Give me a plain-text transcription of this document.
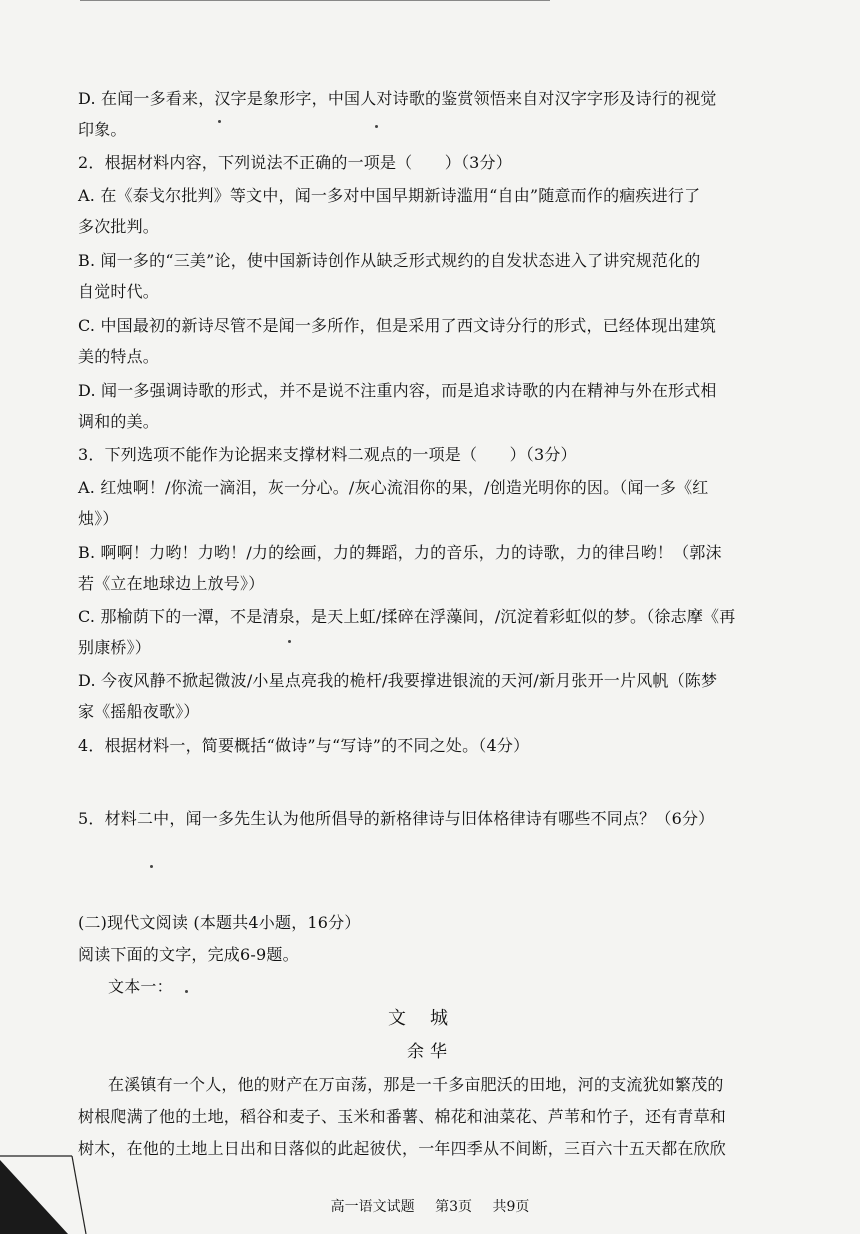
D. 在闻一多看来，汉字是象形字，中国人对诗歌的鉴赏领悟来自对汉字字形及诗行的视觉
印象。
2．根据材料内容，下列说法不正确的一项是（　　）（3分）
A. 在《泰戈尔批判》等文中，闻一多对中国早期新诗滥用“自由”随意而作的痼疾进行了
多次批判。
B. 闻一多的“三美”论，使中国新诗创作从缺乏形式规约的自发状态进入了讲究规范化的
自觉时代。
C. 中国最初的新诗尽管不是闻一多所作，但是采用了西文诗分行的形式，已经体现出建筑
美的特点。
D. 闻一多强调诗歌的形式，并不是说不注重内容，而是追求诗歌的内在精神与外在形式相
调和的美。
3．下列选项不能作为论据来支撑材料二观点的一项是（　　）（3分）
A. 红烛啊！/你流一滴泪，灰一分心。/灰心流泪你的果，/创造光明你的因。（闻一多《红
烛》）
B. 啊啊！力哟！力哟！/力的绘画，力的舞蹈，力的音乐，力的诗歌，力的律吕哟！（郭沫
若《立在地球边上放号》）
C. 那榆荫下的一潭，不是清泉，是天上虹/揉碎在浮藻间，/沉淀着彩虹似的梦。（徐志摩《再
别康桥》）
D. 今夜风静不掀起微波/小星点亮我的桅杆/我要撑进银流的天河/新月张开一片风帆（陈梦
家《摇船夜歌》）
4．根据材料一，简要概括“做诗”与“写诗”的不同之处。（4分）
5．材料二中，闻一多先生认为他所倡导的新格律诗与旧体格律诗有哪些不同点？（6分）
(二)现代文阅读 (本题共4小题，16分）
阅读下面的文字，完成6-9题。
文本一：
文城
余华
在溪镇有一个人，他的财产在万亩荡，那是一千多亩肥沃的田地，河的支流犹如繁茂的
树根爬满了他的土地，稻谷和麦子、玉米和番薯、棉花和油菜花、芦苇和竹子，还有青草和
树木，在他的土地上日出和日落似的此起彼伏，一年四季从不间断，三百六十五天都在欣欣
高一语文试题 第3页 共9页
